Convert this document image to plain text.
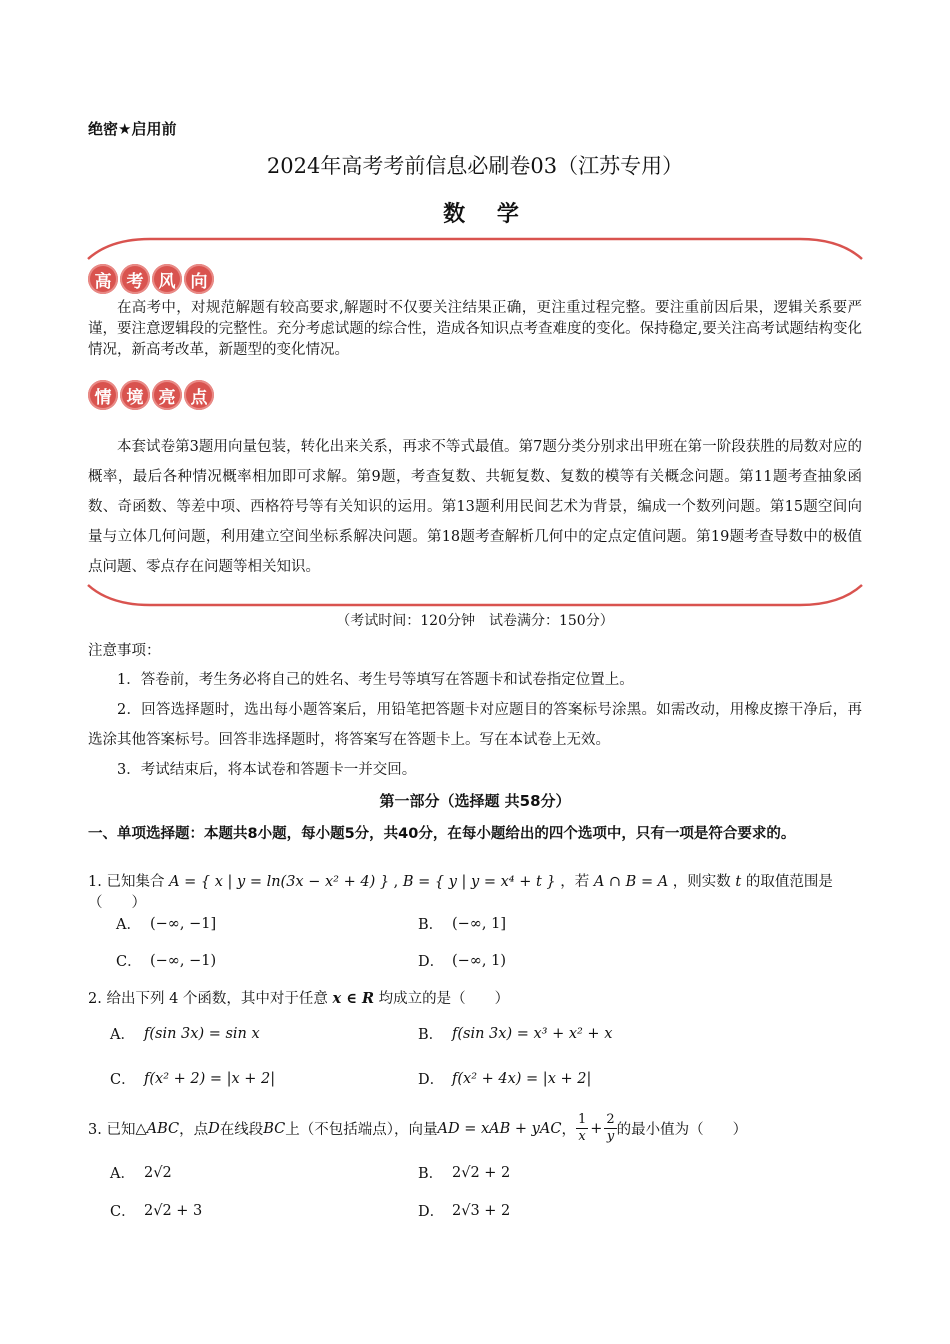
绝密★启用前
2024年高考考前信息必刷卷03（江苏专用）
数 学
高 考 风 向
在高考中，对规范解题有较高要求,解题时不仅要关注结果正确，更注重过程完整。要注重前因后果，逻辑关系要严谨，要注意逻辑段的完整性。充分考虑试题的综合性，造成各知识点考查难度的变化。保持稳定,要关注高考试题结构变化情况，新高考改革，新题型的变化情况。
情 境 亮 点
本套试卷第3题用向量包装，转化出来关系，再求不等式最值。第7题分类分别求出甲班在第一阶段获胜的局数对应的概率，最后各种情况概率相加即可求解。第9题，考查复数、共轭复数、复数的模等有关概念问题。第11题考查抽象函数、奇函数、等差中项、西格符号等有关知识的运用。第13题利用民间艺术为背景，编成一个数列问题。第15题空间向量与立体几何问题，利用建立空间坐标系解决问题。第18题考查解析几何中的定点定值问题。第19题考查导数中的极值点问题、零点存在问题等相关知识。
（考试时间：120分钟　试卷满分：150分）
注意事项：
1．答卷前，考生务必将自己的姓名、考生号等填写在答题卡和试卷指定位置上。
2．回答选择题时，选出每小题答案后，用铅笔把答题卡对应题目的答案标号涂黑。如需改动，用橡皮擦干净后，再选涂其他答案标号。回答非选择题时，将答案写在答题卡上。写在本试卷上无效。
3．考试结束后，将本试卷和答题卡一并交回。
第一部分（选择题 共58分）
一、单项选择题：本题共8小题，每小题5分，共40分，在每小题给出的四个选项中，只有一项是符合要求的。
1. 已知集合 A = { x | y = ln(3x − x² + 4) } , B = { y | y = x⁴ + t } ，若 A ∩ B = A ，则实数 t 的取值范围是（　　）
A． (−∞, −1]	B． (−∞, 1]
C． (−∞, −1)	D． (−∞, 1)
2. 给出下列 4 个函数，其中对于任意 x ∈ R 均成立的是（　　）
A． f(sin 3x) = sin x	B． f(sin 3x) = x³ + x² + x
C． f(x² + 2) = |x + 2|	D． f(x² + 4x) = |x + 2|
3. 已知 △ABC ，点 D 在线段 BC 上（不包括端点），向量 AD = xAB + yAC ， $\frac{1}{x} + \frac{2}{y}$ 的最小值为（　　）
A． 2√2	B． 2√2 + 2
C． 2√2 + 3	D． 2√3 + 2
